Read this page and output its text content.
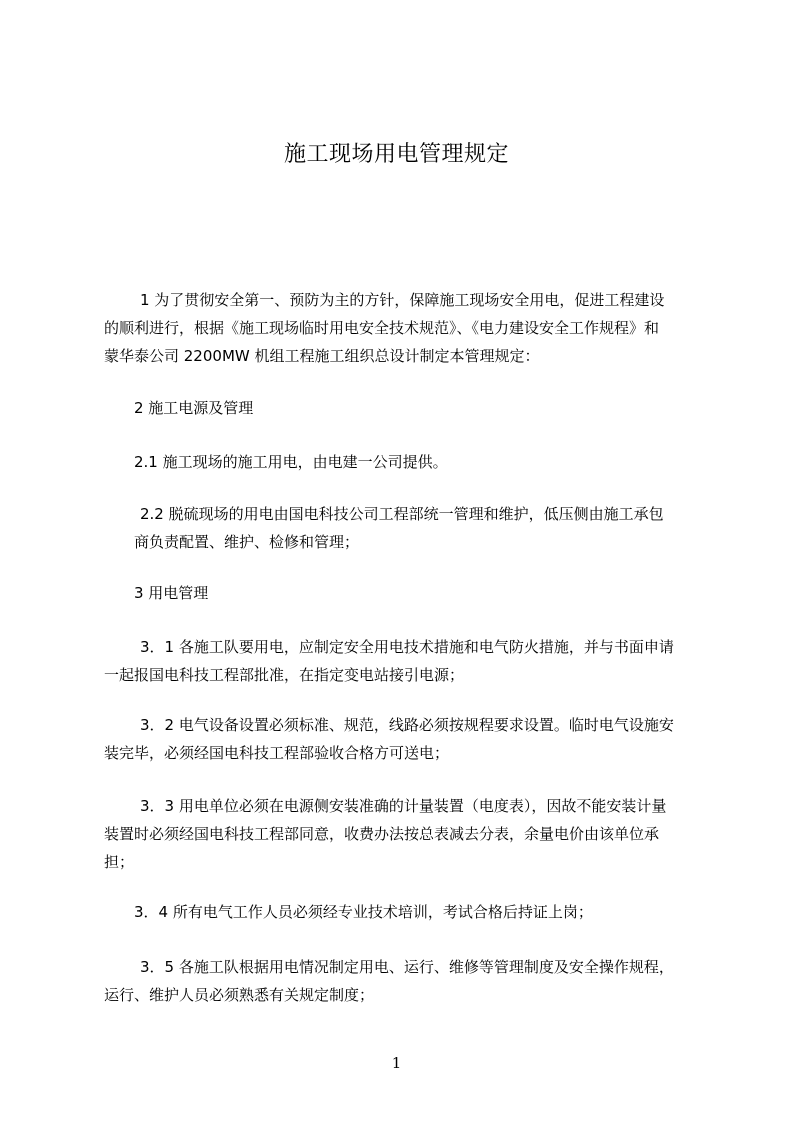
施工现场用电管理规定
1 为了贯彻安全第一、预防为主的方针，保障施工现场安全用电，促进工程建设
的顺利进行，根据《施工现场临时用电安全技术规范》、《电力建设安全工作规程》和
蒙华泰公司 2200MW 机组工程施工组织总设计制定本管理规定：
2 施工电源及管理
2.1 施工现场的施工用电，由电建一公司提供。
2.2 脱硫现场的用电由国电科技公司工程部统一管理和维护，低压侧由施工承包
商负责配置、维护、检修和管理；
3 用电管理
3．1 各施工队要用电，应制定安全用电技术措施和电气防火措施，并与书面申请
一起报国电科技工程部批准，在指定变电站接引电源；
3．2 电气设备设置必须标准、规范，线路必须按规程要求设置。临时电气设施安
装完毕，必须经国电科技工程部验收合格方可送电；
3．3 用电单位必须在电源侧安装准确的计量装置（电度表），因故不能安装计量
装置时必须经国电科技工程部同意，收费办法按总表减去分表，余量电价由该单位承
担；
3．4 所有电气工作人员必须经专业技术培训，考试合格后持证上岗；
3．5 各施工队根据用电情况制定用电、运行、维修等管理制度及安全操作规程，
运行、维护人员必须熟悉有关规定制度；
1
